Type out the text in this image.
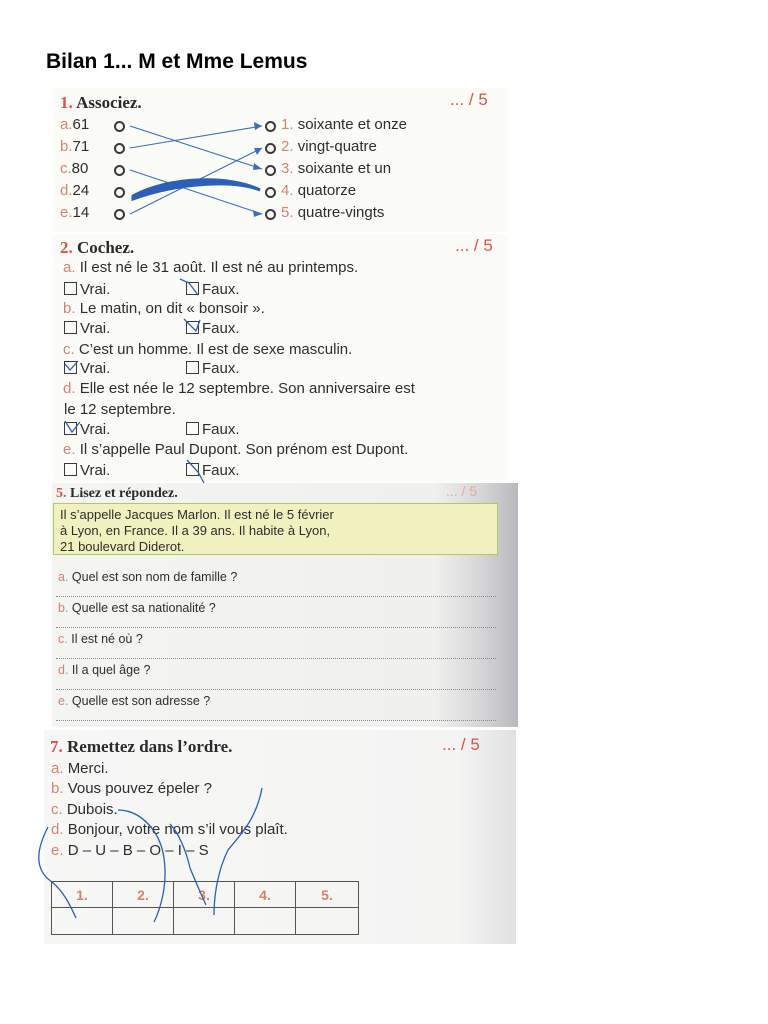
Bilan 1... M et Mme Lemus
1. Associez.	... / 5
a.61
b.71
c.80
d.24
e.14
1. soixante et onze
2. vingt-quatre
3. soixante et un
4. quatorze
5. quatre-vingts
2. Cochez.	... / 5
a. Il est né le 31 août. Il est né au printemps.
Vrai.	Faux.
b. Le matin, on dit « bonsoir ».
Vrai.	Faux.
c. C’est un homme. Il est de sexe masculin.
Vrai.	Faux.
d. Elle est née le 12 septembre. Son anniversaire est
le 12 septembre.
Vrai.	Faux.
e. Il s’appelle Paul Dupont. Son prénom est Dupont.
Vrai.	Faux.
5. Lisez et répondez.	... / 5
Il s’appelle Jacques Marlon. Il est né le 5 février
à Lyon, en France. Il a 39 ans. Il habite à Lyon,
21 boulevard Diderot.
a. Quel est son nom de famille ?
b. Quelle est sa nationalité ?
c. Il est né où ?
d. Il a quel âge ?
e. Quelle est son adresse ?
7. Remettez dans l’ordre.	... / 5
a. Merci.
b. Vous pouvez épeler ?
c. Dubois.
d. Bonjour, votre nom s’il vous plaît.
e. D – U – B – O – I – S
1.	2.	3.	4.	5.
